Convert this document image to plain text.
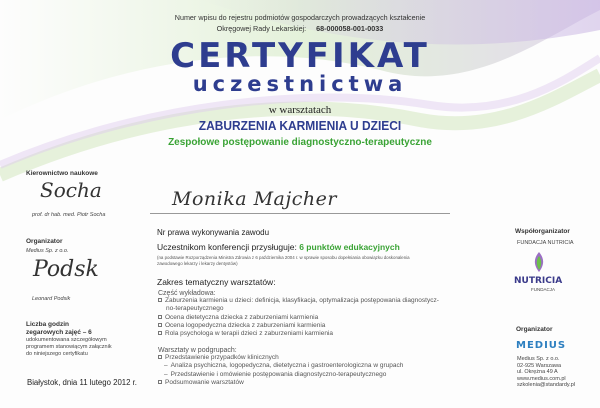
Numer wpisu do rejestru podmiotów gospodarczych prowadzących kształcenie
Okręgowej Rady Lekarskiej: 68-000058-001-0033
CERTYFIKAT
uczestnictwa
w warsztatach
ZABURZENIA KARMIENIA U DZIECI
Zespołowe postępowanie diagnostyczno-terapeutyczne
Kierownictwo naukowe
Socha
prof. dr hab. med. Piotr Socha
Organizator
Medius Sp. z o.o.
Podsk
Leonard Podsik
Liczba godzin
zegarowych zajęć – 6
udokumentowana szczegółowym
programem stanowiącym załącznik
do niniejszego certyfikatu
Białystok, dnia 11 lutego 2012 r.
Monika Majcher
Nr prawa wykonywania zawodu
Uczestnikom konferencji przysługuje: 6 punktów edukacyjnych
(na podstawie Rozporządzenia Ministra Zdrowia z 6 października 2004 r. w sprawie sposobu dopełniania obowiązku doskonalenia
zawodowego lekarzy i lekarzy dentystów)
Zakres tematyczny warsztatów:
Część wykładowa:
Zaburzenia karmienia u dzieci: definicja, klasyfikacja, optymalizacja postępowania diagnostycz-
no-terapeutycznego
Ocena dietetyczna dziecka z zaburzeniami karmienia
Ocena logopedyczna dziecka z zaburzeniami karmienia
Rola psychologa w terapii dzieci z zaburzeniami karmienia
Warsztaty w podgrupach:
Przedstawienie przypadków klinicznych
– Analiza psychiczna, logopedyczna, dietetyczna i gastroenterologiczna w grupach
– Przedstawienie i omówienie postępowania diagnostyczno-terapeutycznego
Podsumowanie warsztatów
Współorganizator
FUNDACJA NUTRICIA
NUTRICIA
FUNDACJA
Organizator
MEDIUS
Medius Sp. z o.o.
02-925 Warszawa
ul. Okrężna 49 A
www.medius.com.pl
szkolenia@standardy.pl
